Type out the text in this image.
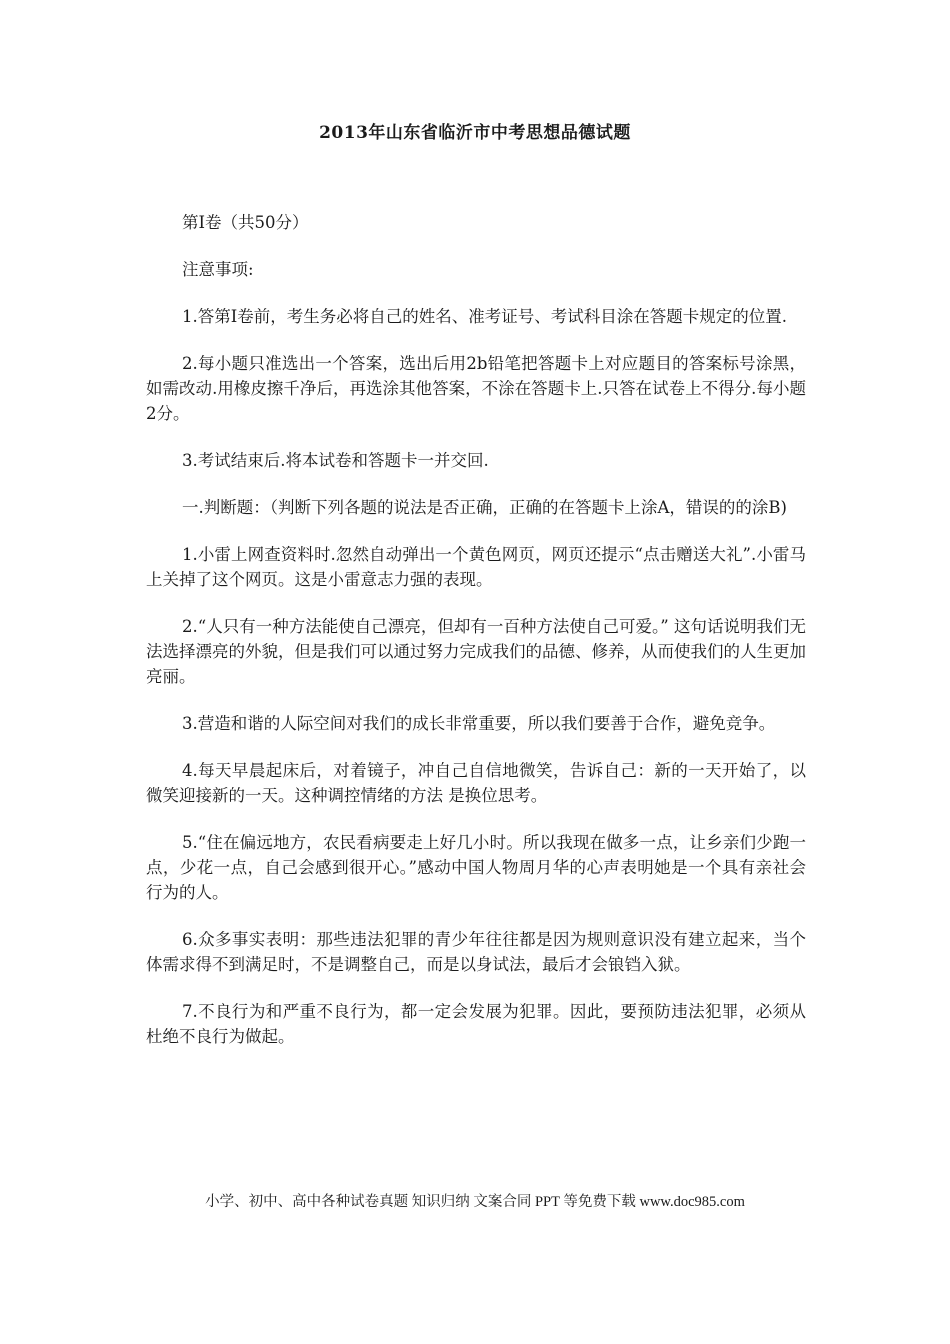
2013年山东省临沂市中考思想品德试题

第Ⅰ卷（共50分）

注意事项:

1.答第Ⅰ卷前，考生务必将自己的姓名、准考证号、考试科目涂在答题卡规定的位置.

2.每小题只准选出一个答案，选出后用2b铅笔把答题卡上对应题目的答案标号涂黑，如需改动.用橡皮擦千净后，再选涂其他答案，不涂在答题卡上.只答在试卷上不得分.每小题2分。

3.考试结束后.将本试卷和答题卡一并交回.

一.判断题：（判断下列各题的说法是否正确，正确的在答题卡上涂A，错误的的涂B)

1.小雷上网查资料时.忽然自动弹出一个黄色网页，网页还提示“点击赠送大礼”.小雷马上关掉了这个网页。这是小雷意志力强的表现。

2.“人只有一种方法能使自己漂亮，但却有一百种方法使自己可爱。” 这句话说明我们无法选择漂亮的外貌，但是我们可以通过努力完成我们的品德、修养，从而使我们的人生更加亮丽。

3.营造和谐的人际空间对我们的成长非常重要，所以我们要善于合作，避免竞争。

4.每天早晨起床后，对着镜子，冲自己自信地微笑，告诉自己：新的一天开始了，以微笑迎接新的一天。这种调控情绪的方法 是换位思考。

5.“住在偏远地方，农民看病要走上好几小时。所以我现在做多一点，让乡亲们少跑一点，少花一点，自己会感到很开心。”感动中国人物周月华的心声表明她是一个具有亲社会行为的人。

6.众多事实表明：那些违法犯罪的青少年往往都是因为规则意识没有建立起来，当个体需求得不到满足时，不是调整自己，而是以身试法，最后才会锒铛入狱。

7.不良行为和严重不良行为，都一定会发展为犯罪。因此，要预防违法犯罪，必须从杜绝不良行为做起。

小学、初中、高中各种试卷真题 知识归纳 文案合同 PPT 等免费下载 www.doc985.com
